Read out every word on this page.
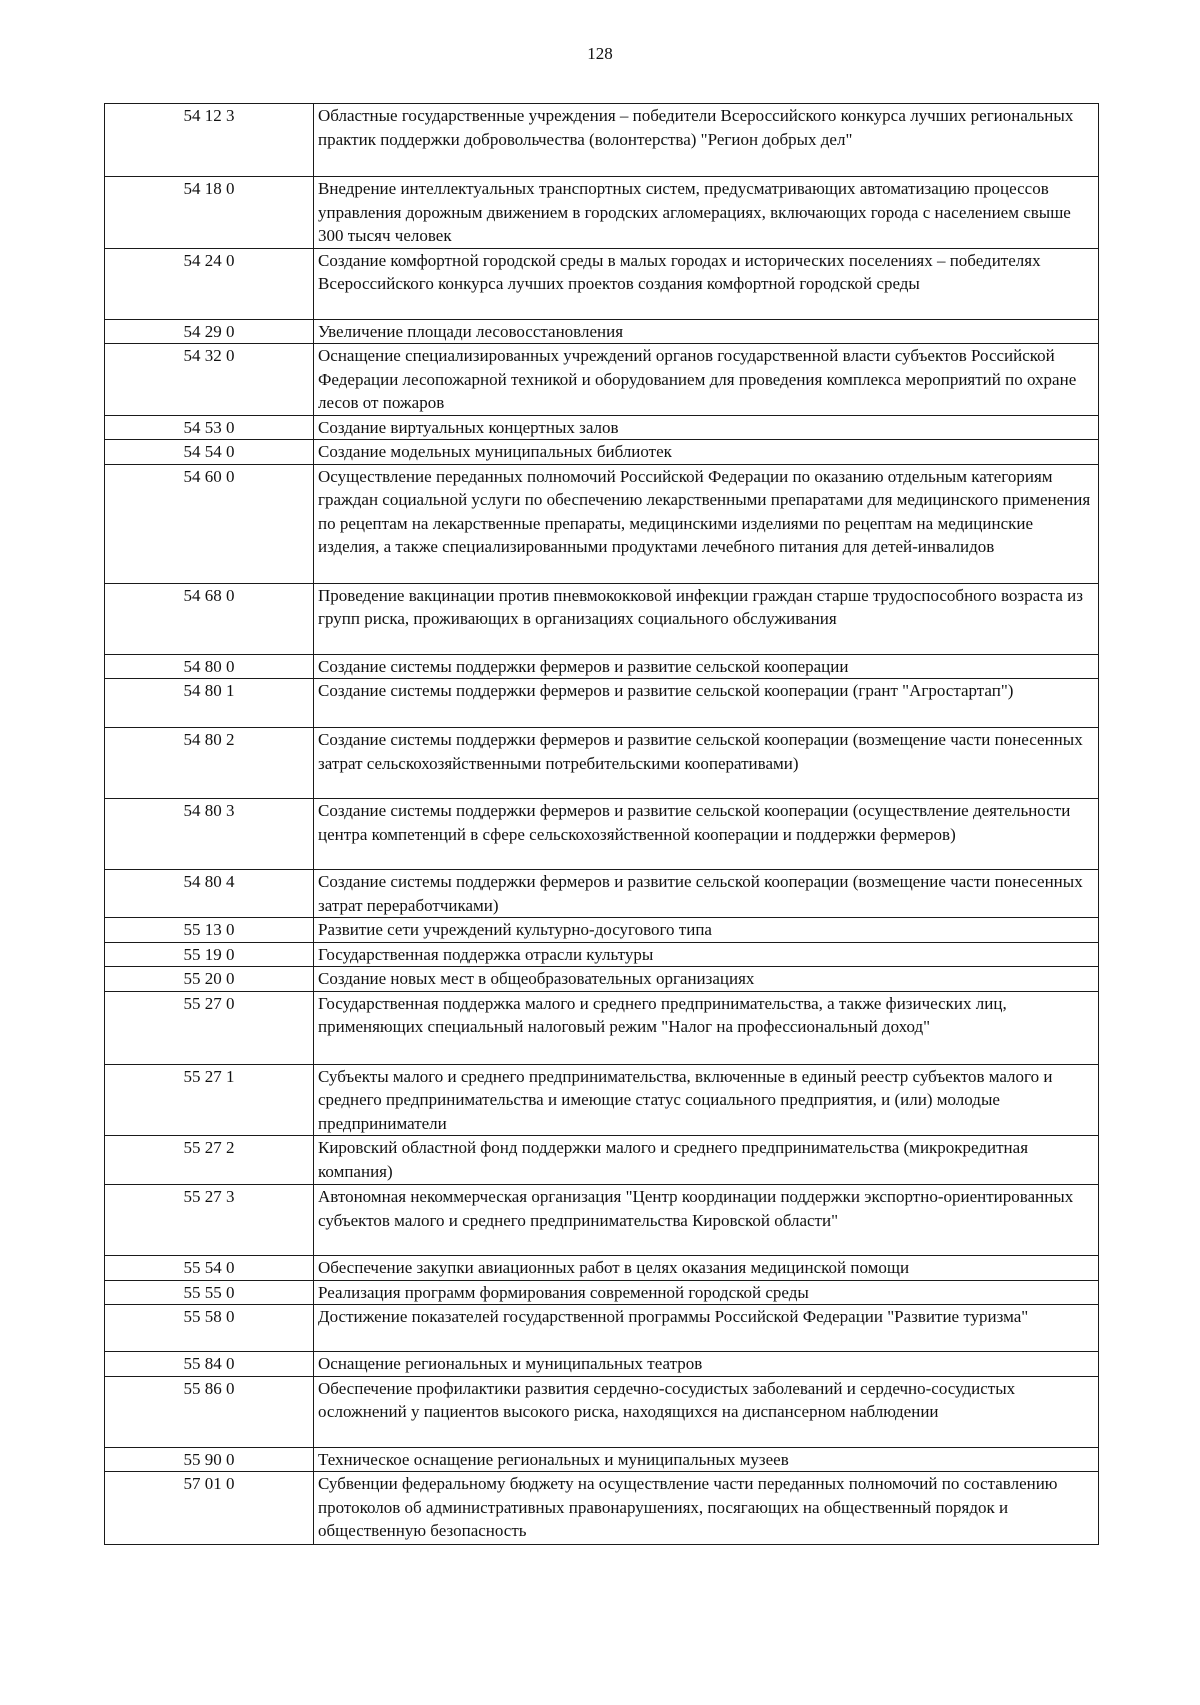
128
54 12 3	Областные государственные учреждения – победители Всероссийского конкурса лучших региональных практик поддержки добровольчества (волонтерства) "Регион добрых дел"
54 18 0	Внедрение интеллектуальных транспортных систем, предусматривающих автоматизацию процессов управления дорожным движением в городских агломерациях, включающих города с населением свыше 300 тысяч человек
54 24 0	Создание комфортной городской среды в малых городах и исторических поселениях – победителях Всероссийского конкурса лучших проектов создания комфортной городской среды
54 29 0	Увеличение площади лесовосстановления
54 32 0	Оснащение специализированных учреждений органов государственной власти субъектов Российской Федерации лесопожарной техникой и оборудованием для проведения комплекса мероприятий по охране лесов от пожаров
54 53 0	Создание виртуальных концертных залов
54 54 0	Создание модельных муниципальных библиотек
54 60 0	Осуществление переданных полномочий Российской Федерации по оказанию отдельным категориям граждан социальной услуги по обеспечению лекарственными препаратами для медицинского применения по рецептам на лекарственные препараты, медицинскими изделиями по рецептам на медицинские изделия, а также специализированными продуктами лечебного питания для детей-инвалидов
54 68 0	Проведение вакцинации против пневмококковой инфекции граждан старше трудоспособного возраста из групп риска, проживающих в организациях социального обслуживания
54 80 0	Создание системы поддержки фермеров и развитие сельской кооперации
54 80 1	Создание системы поддержки фермеров и развитие сельской кооперации (грант "Агростартап")
54 80 2	Создание системы поддержки фермеров и развитие сельской кооперации (возмещение части понесенных затрат сельскохозяйственными потребительскими кооперативами)
54 80 3	Создание системы поддержки фермеров и развитие сельской кооперации (осуществление деятельности центра компетенций в сфере сельскохозяйственной кооперации и поддержки фермеров)
54 80 4	Создание системы поддержки фермеров и развитие сельской кооперации (возмещение части понесенных затрат переработчиками)
55 13 0	Развитие сети учреждений культурно-досугового типа
55 19 0	Государственная поддержка отрасли культуры
55 20 0	Создание новых мест в общеобразовательных организациях
55 27 0	Государственная поддержка малого и среднего предпринимательства, а также физических лиц, применяющих специальный налоговый режим "Налог на профессиональный доход"
55 27 1	Субъекты малого и среднего предпринимательства, включенные в единый реестр субъектов малого и среднего предпринимательства и имеющие статус социального предприятия, и (или) молодые предприниматели
55 27 2	Кировский областной фонд поддержки малого и среднего предпринимательства (микрокредитная компания)
55 27 3	Автономная некоммерческая организация "Центр координации поддержки экспортно-ориентированных субъектов малого и среднего предпринимательства Кировской области"
55 54 0	Обеспечение закупки авиационных работ в целях оказания медицинской помощи
55 55 0	Реализация программ формирования современной городской среды
55 58 0	Достижение показателей государственной программы Российской Федерации "Развитие туризма"
55 84 0	Оснащение региональных и муниципальных театров
55 86 0	Обеспечение профилактики развития сердечно-сосудистых заболеваний и сердечно-сосудистых осложнений у пациентов высокого риска, находящихся на диспансерном наблюдении
55 90 0	Техническое оснащение региональных и муниципальных музеев
57 01 0	Субвенции федеральному бюджету на осуществление части переданных полномочий по составлению протоколов об административных правонарушениях, посягающих на общественный порядок и общественную безопасность
